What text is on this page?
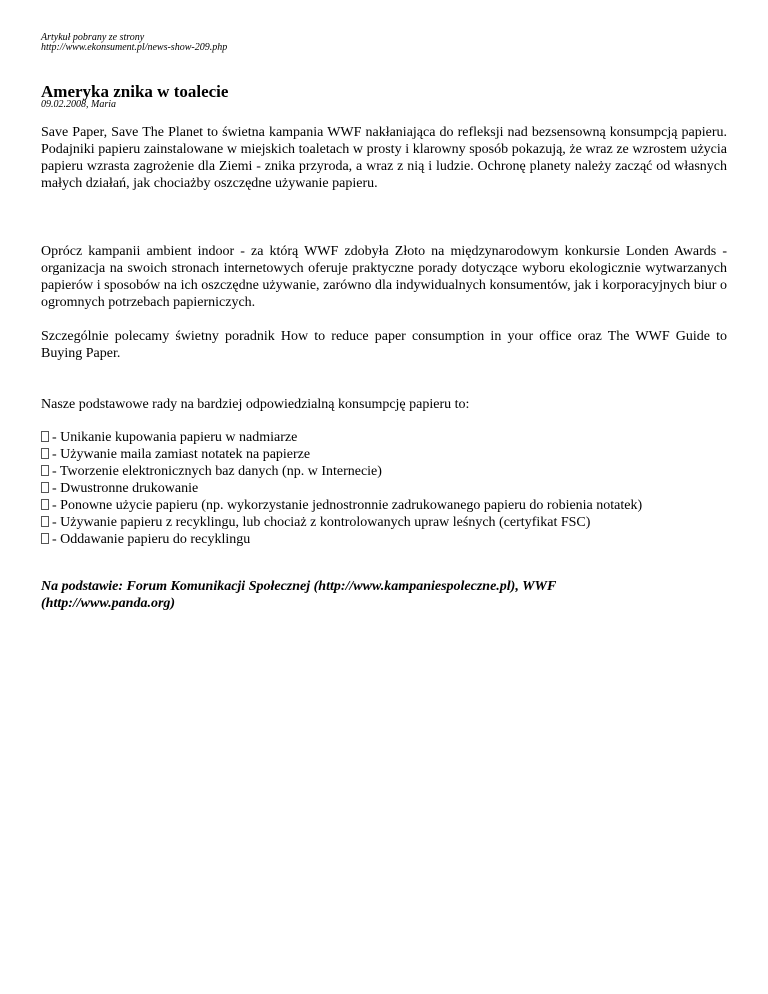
Artykuł pobrany ze strony
http://www.ekonsument.pl/news-show-209.php
Ameryka znika w toalecie
09.02.2008, Maria

Save Paper, Save The Planet to świetna kampania WWF nakłaniająca do refleksji nad bezsensowną konsumpcją papieru. Podajniki papieru zainstalowane w miejskich toaletach w prosty i klarowny sposób pokazują, że wraz ze wzrostem użycia papieru wzrasta zagrożenie dla Ziemi - znika przyroda, a wraz z nią i ludzie. Ochronę planety należy zacząć od własnych małych działań, jak chociażby oszczędne używanie papieru.

Oprócz kampanii ambient indoor - za którą WWF zdobyła Złoto na międzynarodowym konkursie Londen Awards - organizacja na swoich stronach internetowych oferuje praktyczne porady dotyczące wyboru ekologicznie wytwarzanych papierów i sposobów na ich oszczędne używanie, zarówno dla indywidualnych konsumentów, jak i korporacyjnych biur o ogromnych potrzebach papierniczych.

Szczególnie polecamy świetny poradnik How to reduce paper consumption in your office oraz The WWF Guide to Buying Paper.

Nasze podstawowe rady na bardziej odpowiedzialną konsumpcję papieru to:

- Unikanie kupowania papieru w nadmiarze
- Używanie maila zamiast notatek na papierze
- Tworzenie elektronicznych baz danych (np. w Internecie)
- Dwustronne drukowanie
- Ponowne użycie papieru (np. wykorzystanie jednostronnie zadrukowanego papieru do robienia notatek)
- Używanie papieru z recyklingu, lub chociaż z kontrolowanych upraw leśnych (certyfikat FSC)
- Oddawanie papieru do recyklingu
Na podstawie: Forum Komunikacji Społecznej (http://www.kampaniespoleczne.pl), WWF
(http://www.panda.org)
